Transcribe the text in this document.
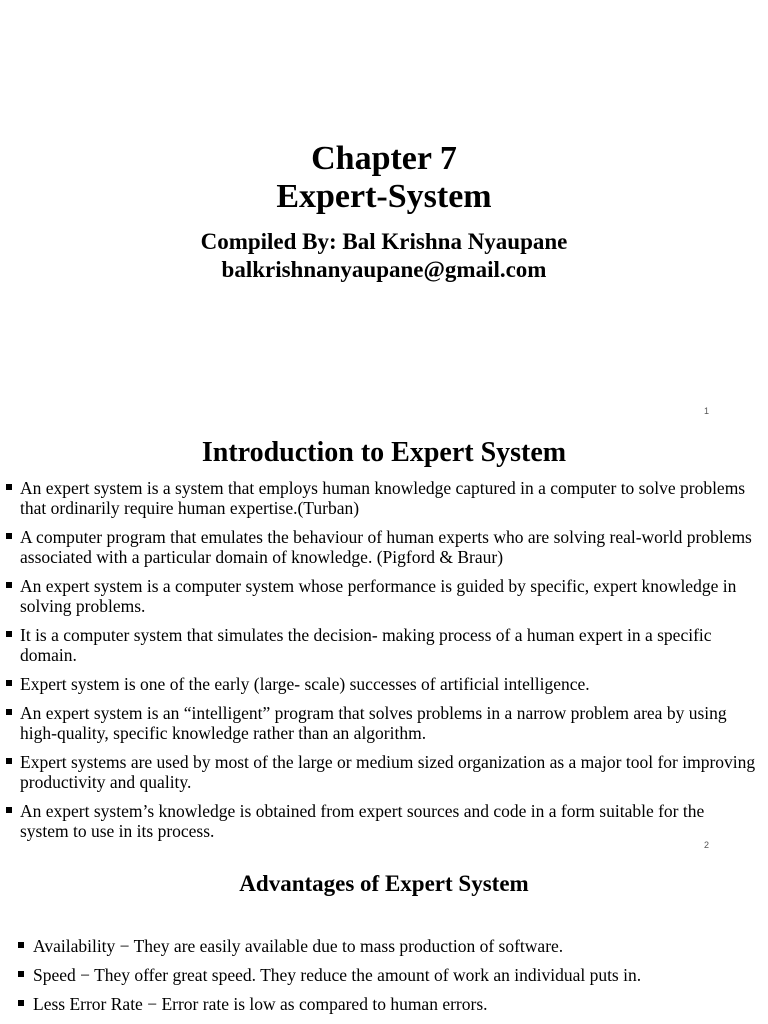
Chapter 7
Expert-System
Compiled By: Bal Krishna Nyaupane
balkrishnanyaupane@gmail.com
1
Introduction to Expert System
An expert system is a system that employs human knowledge captured in a computer to solve problems that ordinarily require human expertise.(Turban)
A computer program that emulates the behaviour of human experts who are solving real-world problems associated with a particular domain of knowledge. (Pigford & Braur)
An expert system is a computer system whose performance is guided by specific, expert knowledge in solving problems.
It is a computer system that simulates the decision- making process of a human expert in a specific domain.
Expert system is one of the early (large- scale) successes of artificial intelligence.
An expert system is an “intelligent” program that solves problems in a narrow problem area by using high-quality, specific knowledge rather than an algorithm.
Expert systems are used by most of the large or medium sized organization as a major tool for improving productivity and quality.
An expert system’s knowledge is obtained from expert sources and code in a form suitable for the system to use in its process.
2
Advantages of Expert System
Availability − They are easily available due to mass production of software.
Speed − They offer great speed. They reduce the amount of work an individual puts in.
Less Error Rate − Error rate is low as compared to human errors.
